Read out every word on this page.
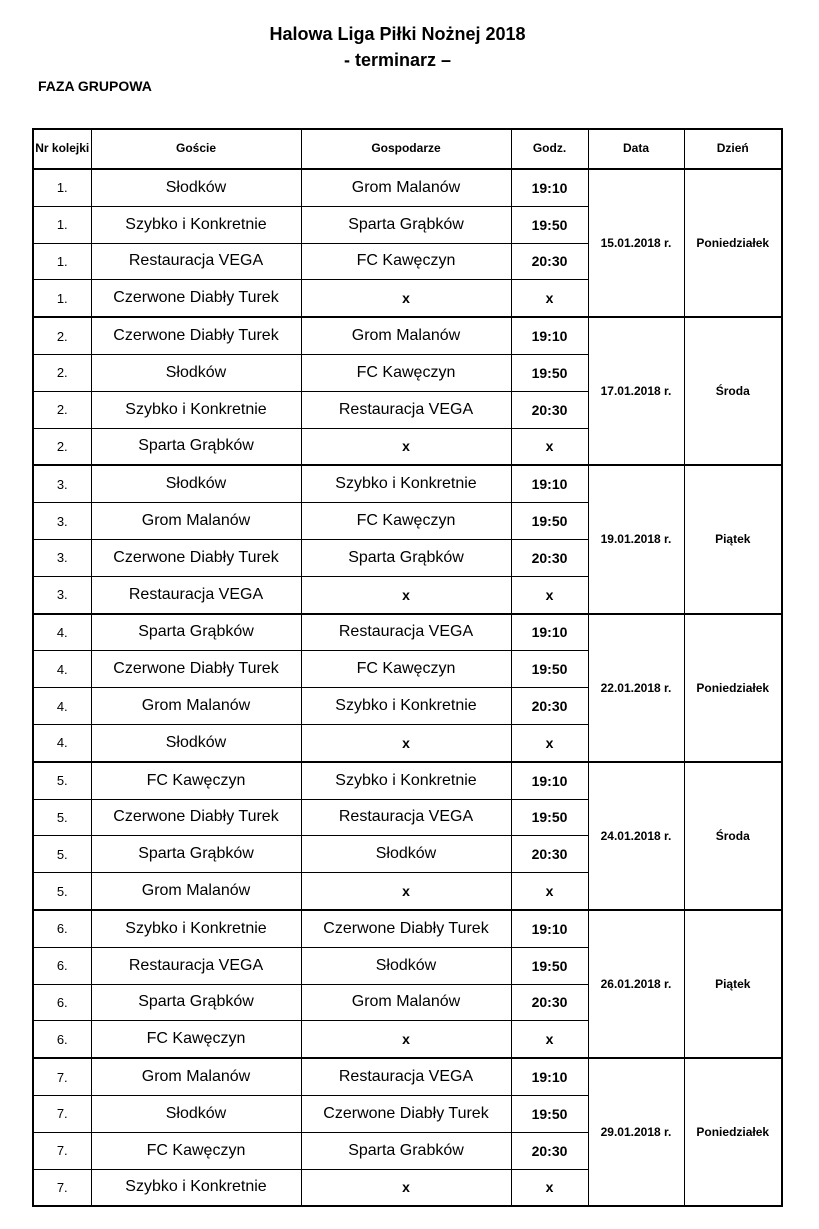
Halowa Liga Piłki Nożnej 2018
- terminarz –
FAZA GRUPOWA
Nr kolejki	Goście	Gospodarze	Godz.	Data	Dzień
1.	Słodków	Grom Malanów	19:10	15.01.2018 r.	Poniedziałek
1.	Szybko i Konkretnie	Sparta Grąbków	19:50		
1.	Restauracja VEGA	FC Kawęczyn	20:30		
1.	Czerwone Diabły Turek	x	x		
2.	Czerwone Diabły Turek	Grom Malanów	19:10	17.01.2018 r.	Środa
2.	Słodków	FC Kawęczyn	19:50		
2.	Szybko i Konkretnie	Restauracja VEGA	20:30		
2.	Sparta Grąbków	x	x		
3.	Słodków	Szybko i Konkretnie	19:10	19.01.2018 r.	Piątek
3.	Grom Malanów	FC Kawęczyn	19:50		
3.	Czerwone Diabły Turek	Sparta Grąbków	20:30		
3.	Restauracja VEGA	x	x		
4.	Sparta Grąbków	Restauracja VEGA	19:10	22.01.2018 r.	Poniedziałek
4.	Czerwone Diabły Turek	FC Kawęczyn	19:50		
4.	Grom Malanów	Szybko i Konkretnie	20:30		
4.	Słodków	x	x		
5.	FC Kawęczyn	Szybko i Konkretnie	19:10	24.01.2018 r.	Środa
5.	Czerwone Diabły Turek	Restauracja VEGA	19:50		
5.	Sparta Grąbków	Słodków	20:30		
5.	Grom Malanów	x	x		
6.	Szybko i Konkretnie	Czerwone Diabły Turek	19:10	26.01.2018 r.	Piątek
6.	Restauracja VEGA	Słodków	19:50		
6.	Sparta Grąbków	Grom Malanów	20:30		
6.	FC Kawęczyn	x	x		
7.	Grom Malanów	Restauracja VEGA	19:10	29.01.2018 r.	Poniedziałek
7.	Słodków	Czerwone Diabły Turek	19:50		
7.	FC Kawęczyn	Sparta Grabków	20:30		
7.	Szybko i Konkretnie	x	x		
